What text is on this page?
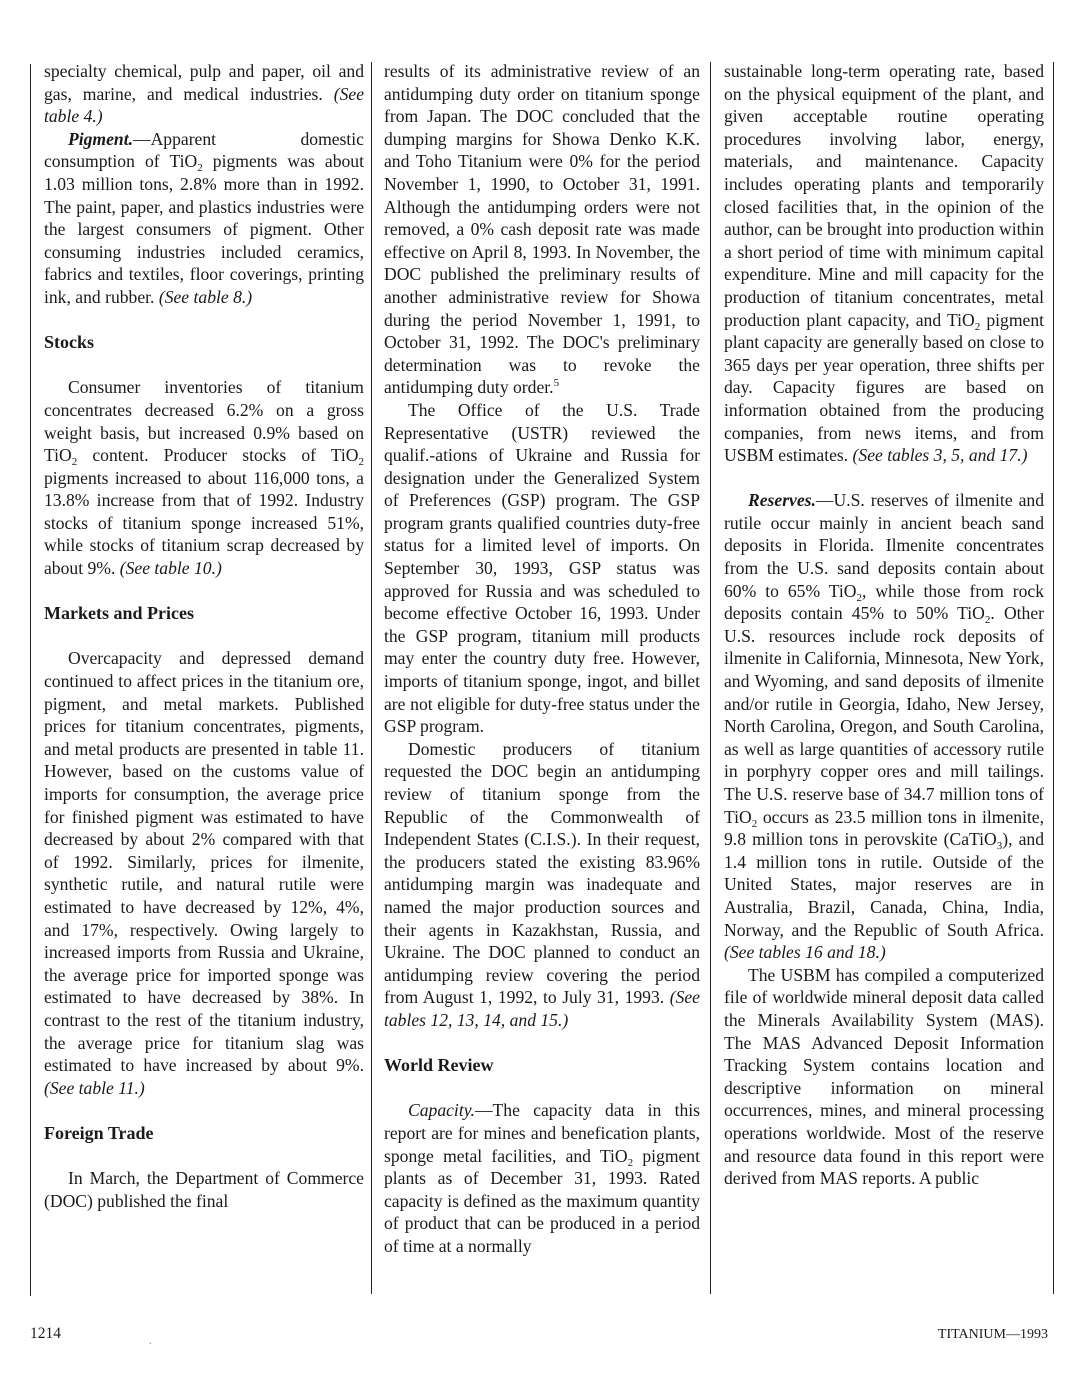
specialty chemical, pulp and paper, oil and gas, marine, and medical industries. (See table 4.)

Pigment.—Apparent domestic consumption of TiO$_2$ pigments was about 1.03 million tons, 2.8% more than in 1992. The paint, paper, and plastics industries were the largest consumers of pigment. Other consuming industries included ceramics, fabrics and textiles, floor coverings, printing ink, and rubber. (See table 8.)

Stocks

Consumer inventories of titanium concentrates decreased 6.2% on a gross weight basis, but increased 0.9% based on TiO$_2$ content. Producer stocks of TiO$_2$ pigments increased to about 116,000 tons, a 13.8% increase from that of 1992. Industry stocks of titanium sponge increased 51%, while stocks of titanium scrap decreased by about 9%. (See table 10.)

Markets and Prices

Overcapacity and depressed demand continued to affect prices in the titanium ore, pigment, and metal markets. Published prices for titanium concentrates, pigments, and metal products are presented in table 11. However, based on the customs value of imports for consumption, the average price for finished pigment was estimated to have decreased by about 2% compared with that of 1992. Similarly, prices for ilmenite, synthetic rutile, and natural rutile were estimated to have decreased by 12%, 4%, and 17%, respectively. Owing largely to increased imports from Russia and Ukraine, the average price for imported sponge was estimated to have decreased by 38%. In contrast to the rest of the titanium industry, the average price for titanium slag was estimated to have increased by about 9%. (See table 11.)

Foreign Trade

In March, the Department of Commerce (DOC) published the final

results of its administrative review of an antidumping duty order on titanium sponge from Japan. The DOC concluded that the dumping margins for Showa Denko K.K. and Toho Titanium were 0% for the period November 1, 1990, to October 31, 1991. Although the antidumping orders were not removed, a 0% cash deposit rate was made effective on April 8, 1993. In November, the DOC published the preliminary results of another administrative review for Showa during the period November 1, 1991, to October 31, 1992. The DOC's preliminary determination was to revoke the antidumping duty order.$^5$

The Office of the U.S. Trade Representative (USTR) reviewed the qualif.-ations of Ukraine and Russia for designation under the Generalized System of Preferences (GSP) program. The GSP program grants qualified countries duty-free status for a limited level of imports. On September 30, 1993, GSP status was approved for Russia and was scheduled to become effective October 16, 1993. Under the GSP program, titanium mill products may enter the country duty free. However, imports of titanium sponge, ingot, and billet are not eligible for duty-free status under the GSP program.

Domestic producers of titanium requested the DOC begin an antidumping review of titanium sponge from the Republic of the Commonwealth of Independent States (C.I.S.). In their request, the producers stated the existing 83.96% antidumping margin was inadequate and named the major production sources and their agents in Kazakhstan, Russia, and Ukraine. The DOC planned to conduct an antidumping review covering the period from August 1, 1992, to July 31, 1993. (See tables 12, 13, 14, and 15.)

World Review

Capacity.—The capacity data in this report are for mines and benefication plants, sponge metal facilities, and TiO$_2$ pigment plants as of December 31, 1993. Rated capacity is defined as the maximum quantity of product that can be produced in a period of time at a normally

sustainable long-term operating rate, based on the physical equipment of the plant, and given acceptable routine operating procedures involving labor, energy, materials, and maintenance. Capacity includes operating plants and temporarily closed facilities that, in the opinion of the author, can be brought into production within a short period of time with minimum capital expenditure. Mine and mill capacity for the production of titanium concentrates, metal production plant capacity, and TiO$_2$ pigment plant capacity are generally based on close to 365 days per year operation, three shifts per day. Capacity figures are based on information obtained from the producing companies, from news items, and from USBM estimates. (See tables 3, 5, and 17.)

Reserves.—U.S. reserves of ilmenite and rutile occur mainly in ancient beach sand deposits in Florida. Ilmenite concentrates from the U.S. sand deposits contain about 60% to 65% TiO$_2$, while those from rock deposits contain 45% to 50% TiO$_2$. Other U.S. resources include rock deposits of ilmenite in California, Minnesota, New York, and Wyoming, and sand deposits of ilmenite and/or rutile in Georgia, Idaho, New Jersey, North Carolina, Oregon, and South Carolina, as well as large quantities of accessory rutile in porphyry copper ores and mill tailings. The U.S. reserve base of 34.7 million tons of TiO$_2$ occurs as 23.5 million tons in ilmenite, 9.8 million tons in perovskite (CaTiO$_3$), and 1.4 million tons in rutile. Outside of the United States, major reserves are in Australia, Brazil, Canada, China, India, Norway, and the Republic of South Africa. (See tables 16 and 18.)

The USBM has compiled a computerized file of worldwide mineral deposit data called the Minerals Availability System (MAS). The MAS Advanced Deposit Information Tracking System contains location and descriptive information on mineral occurrences, mines, and mineral processing operations worldwide. Most of the reserve and resource data found in this report were derived from MAS reports. A public

1214	.	TITANIUM—1993
